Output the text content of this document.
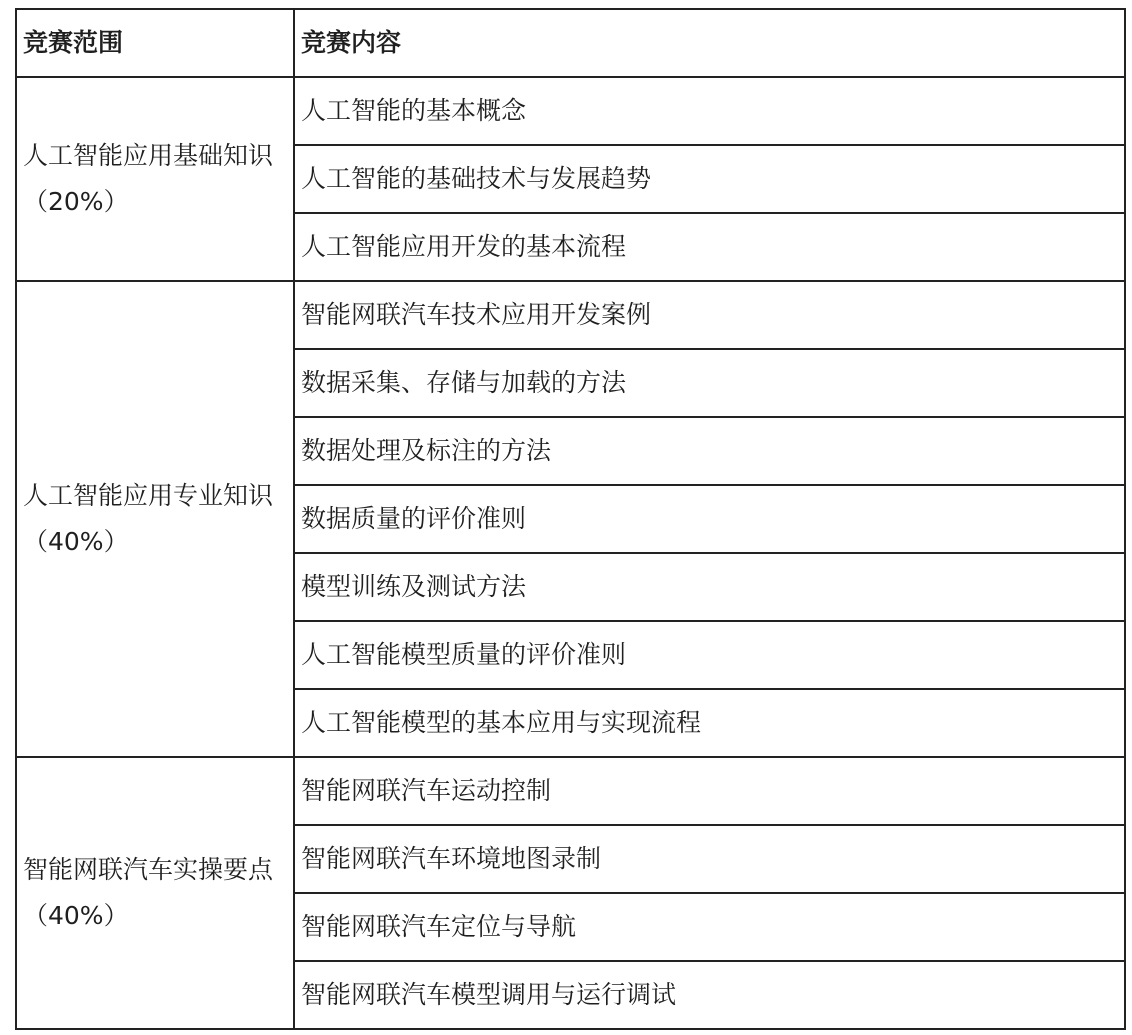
竞赛范围	竞赛内容
人工智能应用基础知识（20%）	人工智能的基本概念
	人工智能的基础技术与发展趋势
	人工智能应用开发的基本流程
人工智能应用专业知识（40%）	智能网联汽车技术应用开发案例
	数据采集、存储与加载的方法
	数据处理及标注的方法
	数据质量的评价准则
	模型训练及测试方法
	人工智能模型质量的评价准则
	人工智能模型的基本应用与实现流程
智能网联汽车实操要点（40%）	智能网联汽车运动控制
	智能网联汽车环境地图录制
	智能网联汽车定位与导航
	智能网联汽车模型调用与运行调试
